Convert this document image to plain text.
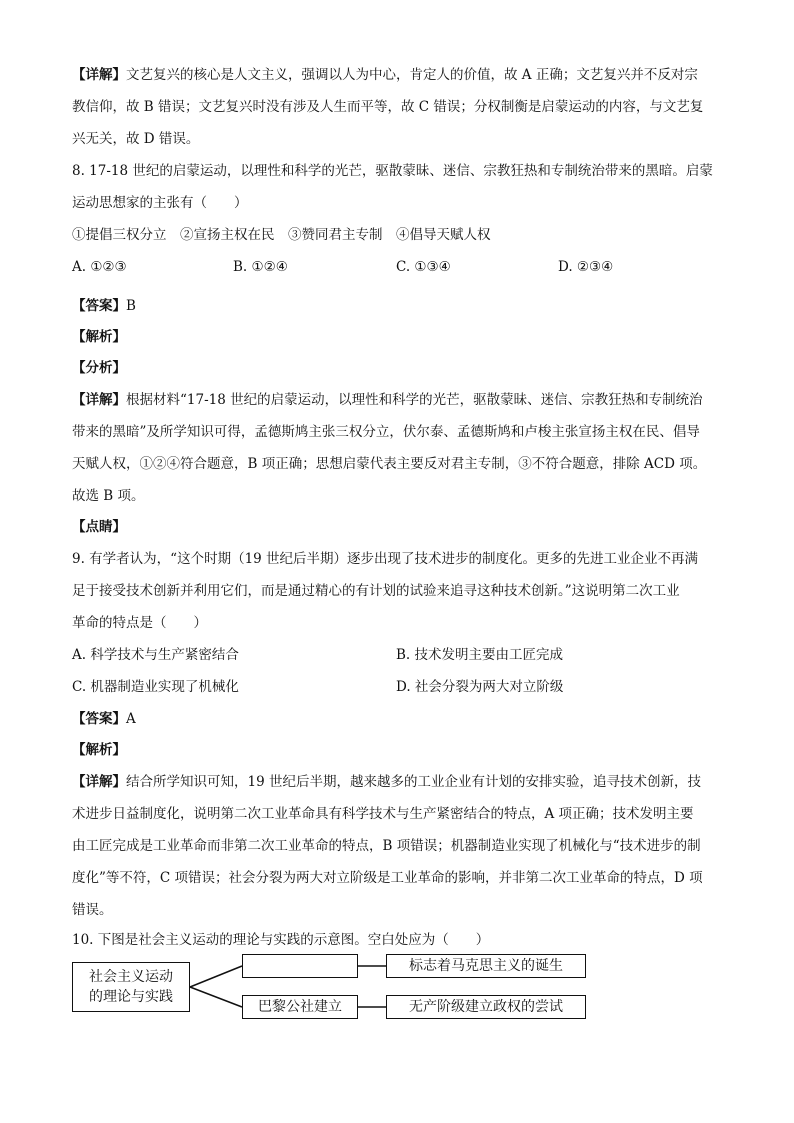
【详解】文艺复兴的核心是人文主义，强调以人为中心，肯定人的价值，故 A 正确；文艺复兴并不反对宗
教信仰，故 B 错误；文艺复兴时没有涉及人生而平等，故 C 错误；分权制衡是启蒙运动的内容，与文艺复
兴无关，故 D 错误。
8. 17-18 世纪的启蒙运动，以理性和科学的光芒，驱散蒙昧、迷信、宗教狂热和专制统治带来的黑暗。启蒙
运动思想家的主张有（　　）
①提倡三权分立　②宣扬主权在民　③赞同君主专制　④倡导天赋人权
A. ①②③	B. ①②④	C. ①③④	D. ②③④
【答案】B
【解析】
【分析】
【详解】根据材料“17-18 世纪的启蒙运动，以理性和科学的光芒，驱散蒙昧、迷信、宗教狂热和专制统治
带来的黑暗”及所学知识可得，孟德斯鸠主张三权分立，伏尔泰、孟德斯鸠和卢梭主张宣扬主权在民、倡导
天赋人权，①②④符合题意，B 项正确；思想启蒙代表主要反对君主专制，③不符合题意，排除 ACD 项。
故选 B 项。
【点睛】
9. 有学者认为，“这个时期（19 世纪后半期）逐步出现了技术进步的制度化。更多的先进工业企业不再满
足于接受技术创新并利用它们，而是通过精心的有计划的试验来追寻这种技术创新。”这说明第二次工业
革命的特点是（　　）
A. 科学技术与生产紧密结合	B. 技术发明主要由工匠完成
C. 机器制造业实现了机械化	D. 社会分裂为两大对立阶级
【答案】A
【解析】
【详解】结合所学知识可知，19 世纪后半期，越来越多的工业企业有计划的安排实验，追寻技术创新，技
术进步日益制度化，说明第二次工业革命具有科学技术与生产紧密结合的特点，A 项正确；技术发明主要
由工匠完成是工业革命而非第二次工业革命的特点，B 项错误；机器制造业实现了机械化与“技术进步的制
度化”等不符，C 项错误；社会分裂为两大对立阶级是工业革命的影响，并非第二次工业革命的特点，D 项
错误。
10. 下图是社会主义运动的理论与实践的示意图。空白处应为（　　）
社会主义运动
的理论与实践
标志着马克思主义的诞生
巴黎公社建立	无产阶级建立政权的尝试
